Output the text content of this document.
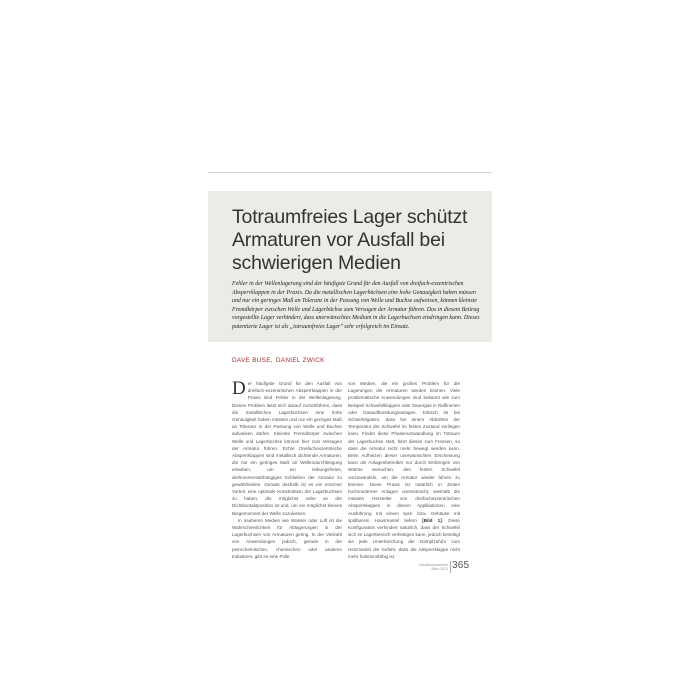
Totraumfreies Lager schützt Armaturen vor Ausfall bei schwierigen Medien
Fehler in der Wellenlagerung sind der häufigste Grund für den Ausfall von dreifach-exzentrischen Absperrklappen in der Praxis. Da die metallischen Lagerbüchsen eine hohe Genauigkeit haben müssen und nur ein geringes Maß an Toleranz in der Passung von Welle und Buchse aufweisen, können kleinste Fremdkörper zwischen Welle und Lagerbüchse zum Versagen der Armatur führen. Das in diesem Beitrag vorgestellte Lager verhindert, dass unerwünschtes Medium in die Lagerbuchsen eindringen kann. Dieses patentierte Lager ist als „totraumfreies Lager" sehr erfolgreich im Einsatz.
DAVE BUSE, DANIEL ZWICK

Der häufigste Grund für den Ausfall von dreifach-exzentrischen Absperrklappen in der Praxis sind Fehler in der Wellenlagerung. Dieses Problem lässt sich darauf zurückführen, dass die metallischen Lagerbüchsen eine hohe Genauigkeit haben müssen und nur ein geringes Maß an Toleranz in der Passung von Welle und Buchse aufweisen dürfen. Kleinste Fremdkörper zwischen Welle und Lagerbüchse können hier zum Versagen der Armatur führen. Echte Dreifachexzentrische Absperrklappen sind metallisch dichtende Armaturen, die nur ein geringes Maß an Wellendurchbiegung erlauben, um ein reibungsfreies, drehmomentabhängiges Schließen der Armatur zu gewährleisten. Gerade deshalb ist es ein enormer Vorteil, eine optimale Konstruktion der Lagerbuchsen zu haben, die möglichst nahe an der Dichtkontaktposition ist und, um ein möglichst kleines Biegemoment der Welle zuzulassen.

In sauberen Medien wie Wasser oder Luft ist die Wahrscheinlichkeit für Ablagerungen in der Lagerbuchsen von Armaturen gering. In der Vielzahl von Anwendungen jedoch, gerade in der petrochemischen, chemischen oder anderen Industrien, gibt es eine Fülle

von Medien, die ein großes Problem für die Lagerungen der Armaturen werden können. Viele problematische Anwendungen sind bekannt wie zum Beispiel Schwefelklappen oder Sauergas in Raffinerien oder Gasaufbereitungsanlagen. Kritisch ist bei Schwefelgasen, dass bei einem Abkühlen der Temperatur der Schwefel im festen Zustand vorliegen kann. Findet diese Phasenumwandlung im Totraum der Lagerbuchse statt, führt dieses zum Fressen, so dass die Armatur nicht mehr bewegt werden kann. Beim Aufheizen dieser unerwünschten Erscheinung kann die Anlagenbetreiber nur durch Einbringen von Wärme versuchen, den festen Schwefel umzuwandeln, um die Armatur wieder fahren zu können. Diese Praxis ist natürlich in Zeiten hochmoderner Anlagen unerwünscht, weshalb die meisten Hersteller von dreifachexzentrischen Absperrklappen in diesen Applikationen eine Ausführung mit einem spül- bzw. Gehäuse mit spülbarem Hausmantel liefern [Bild 1]. Diese Konfiguration verhindert natürlich, dass der Schwefel sich im Lagerbereich verfestigen kann, jedoch beseitigt sie jede Unterbrechung der Dampfzufuhr zum Heizmantel die Gefahr, dass die Absperrklappe nicht mehr funktionsfähig ist.

Industriearmaturen
März 2013 365
